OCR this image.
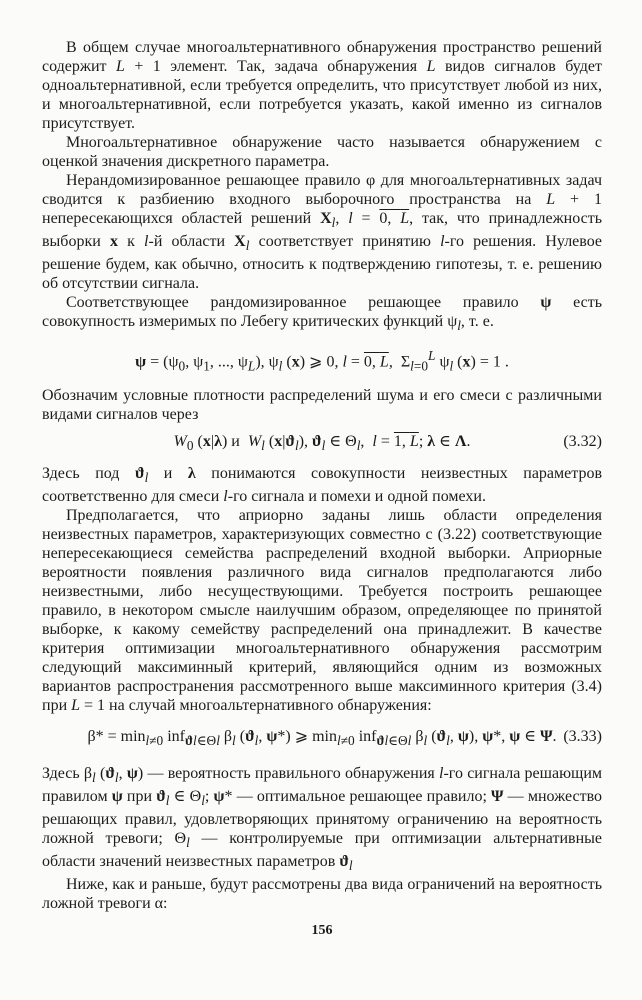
В общем случае многоальтернативного обнаружения пространство решений содержит L + 1 элемент. Так, задача обнаружения L видов сигналов будет одноальтернативной, если требуется определить, что присутствует любой из них, и многоальтернативной, если потребуется указать, какой именно из сигналов присутствует.

Многоальтернативное обнаружение часто называется обнаружением с оценкой значения дискретного параметра.

Нерандомизированное решающее правило φ для многоальтернативных задач сводится к разбиению входного выборочного пространства на L + 1 непересекающихся областей решений $X_l$, l = 0, L, так, что принадлежность выборки x к l-й области $X_l$ соответствует принятию l-го решения. Нулевое решение будем, как обычно, относить к подтверждению гипотезы, т. е. решению об отсутствии сигнала.

Соответствующее рандомизированное решающее правило ψ есть совокупность измеримых по Лебегу критических функций $\psi_l$, т. е.

$\psi = (\psi_0$, $\psi_1$, ..., $\psi_L$), $\psi_l$ (x) ⩾ 0, l = 0, L,  $\Sigma_{l=0}^L$ $\psi_l$ (x) = 1 .

Обозначим условные плотности распределений шума и его смеси с различными видами сигналов через

$W_0$ (x|λ) и  $W_l$ $(x|ϑ_l)$, $ϑ_l$ ∈ $\Theta_l$,  l = 1, L; λ ∈ Λ.	(3.32)

Здесь под $ϑ_l$ и λ понимаются совокупности неизвестных параметров соответственно для смеси l-го сигнала и помехи и одной помехи.

Предполагается, что априорно заданы лишь области определения неизвестных параметров, характеризующих совместно с (3.22) соответствующие непересекающиеся семейства распределений входной выборки. Априорные вероятности появления различного вида сигналов предполагаются либо неизвестными, либо несуществующими. Требуется построить решающее правило, в некотором смысле наилучшим образом, определяющее по принятой выборке, к какому семейству распределений она принадлежит. В качестве критерия оптимизации многоальтернативного обнаружения рассмотрим следующий максиминный критерий, являющийся одним из возможных вариантов распространения рассмотренного выше максиминного критерия (3.4) при L = 1 на случай многоальтернативного обнаружения:

$\beta* = \min_{l\ne 0} inf_{ϑl\in\Theta l}$ $\beta_l$ ($ϑ_l$, ψ*) ⩾ $\min_{l\ne 0} inf_{ϑl\in\Theta l}$ $\beta_l$ ($ϑ_l$, ψ), ψ*, ψ ∈ Ψ. (3.33)

Здесь $\beta_l$ ($ϑ_l$, ψ) — вероятность правильного обнаружения l-го сигнала решающим правилом ψ при $ϑ_l$ ∈ $\Theta_l$; ψ* — оптимальное решающее правило; Ψ — множество решающих правил, удовлетворяющих принятому ограничению на вероятность ложной тревоги; $\Theta_l$ — контролируемые при оптимизации альтернативные области значений неизвестных параметров $ϑ_l$

Ниже, как и раньше, будут рассмотрены два вида ограничений на вероятность ложной тревоги α:

156
